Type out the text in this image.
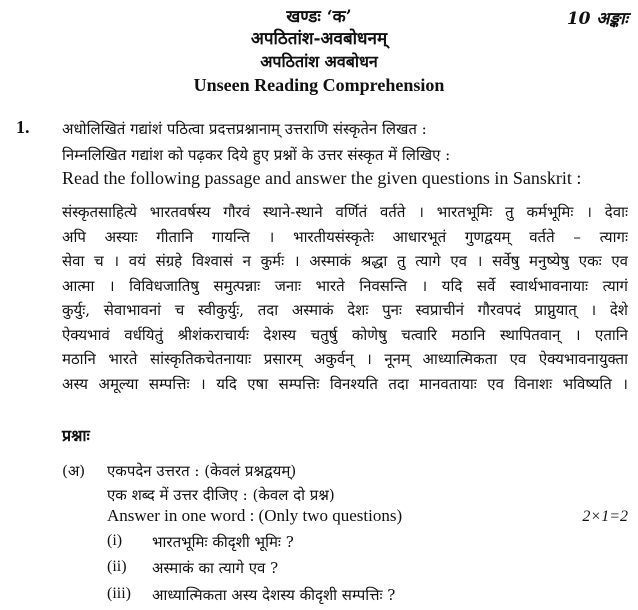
खण्डः ‘क’	10 अङ्काः
अपठितांश-अवबोधनम्
अपठितांश अवबोधन
Unseen Reading Comprehension
1. अधोलिखितं गद्यांशं पठित्वा प्रदत्तप्रश्नानाम् उत्तराणि संस्कृतेन लिखत :
निम्नलिखित गद्यांश को पढ़कर दिये हुए प्रश्नों के उत्तर संस्कृत में लिखिए :
Read the following passage and answer the given questions in Sanskrit :
संस्कृतसाहित्ये भारतवर्षस्य गौरवं स्थाने-स्थाने वर्णितं वर्तते । भारतभूमिः तु कर्मभूमिः । देवाः
अपि अस्याः गीतानि गायन्ति । भारतीयसंस्कृतेः आधारभूतं गुणद्वयम् वर्तते – त्यागः
सेवा च । वयं संग्रहे विश्वासं न कुर्मः । अस्माकं श्रद्धा तु त्यागे एव । सर्वेषु मनुष्येषु एकः एव
आत्मा । विविधजातिषु समुत्पन्नाः जनाः भारते निवसन्ति । यदि सर्वे स्वार्थभावनायाः त्यागं
कुर्युः, सेवाभावनां च स्वीकुर्युः, तदा अस्माकं देशः पुनः स्वप्राचीनं गौरवपदं प्राप्नुयात् । देशे
ऐक्यभावं वर्धयितुं श्रीशंकराचार्यः देशस्य चतुर्षु कोणेषु चत्वारि मठानि स्थापितवान् । एतानि
मठानि भारते सांस्कृतिकचेतनायाः प्रसारम् अकुर्वन् । नूनम् आध्यात्मिकता एव ऐक्यभावनायुक्ता
अस्य अमूल्या सम्पत्तिः । यदि एषा सम्पत्तिः विनश्यति तदा मानवतायाः एव विनाशः भविष्यति ।
प्रश्नाः
(अ) एकपदेन उत्तरत : (केवलं प्रश्नद्वयम्)
एक शब्द में उत्तर दीजिए : (केवल दो प्रश्न)
Answer in one word : (Only two questions)	2×1=2
(i) भारतभूमिः कीदृशी भूमिः ?
(ii) अस्माकं का त्यागे एव ?
(iii) आध्यात्मिकता अस्य देशस्य कीदृशी सम्पत्तिः ?
